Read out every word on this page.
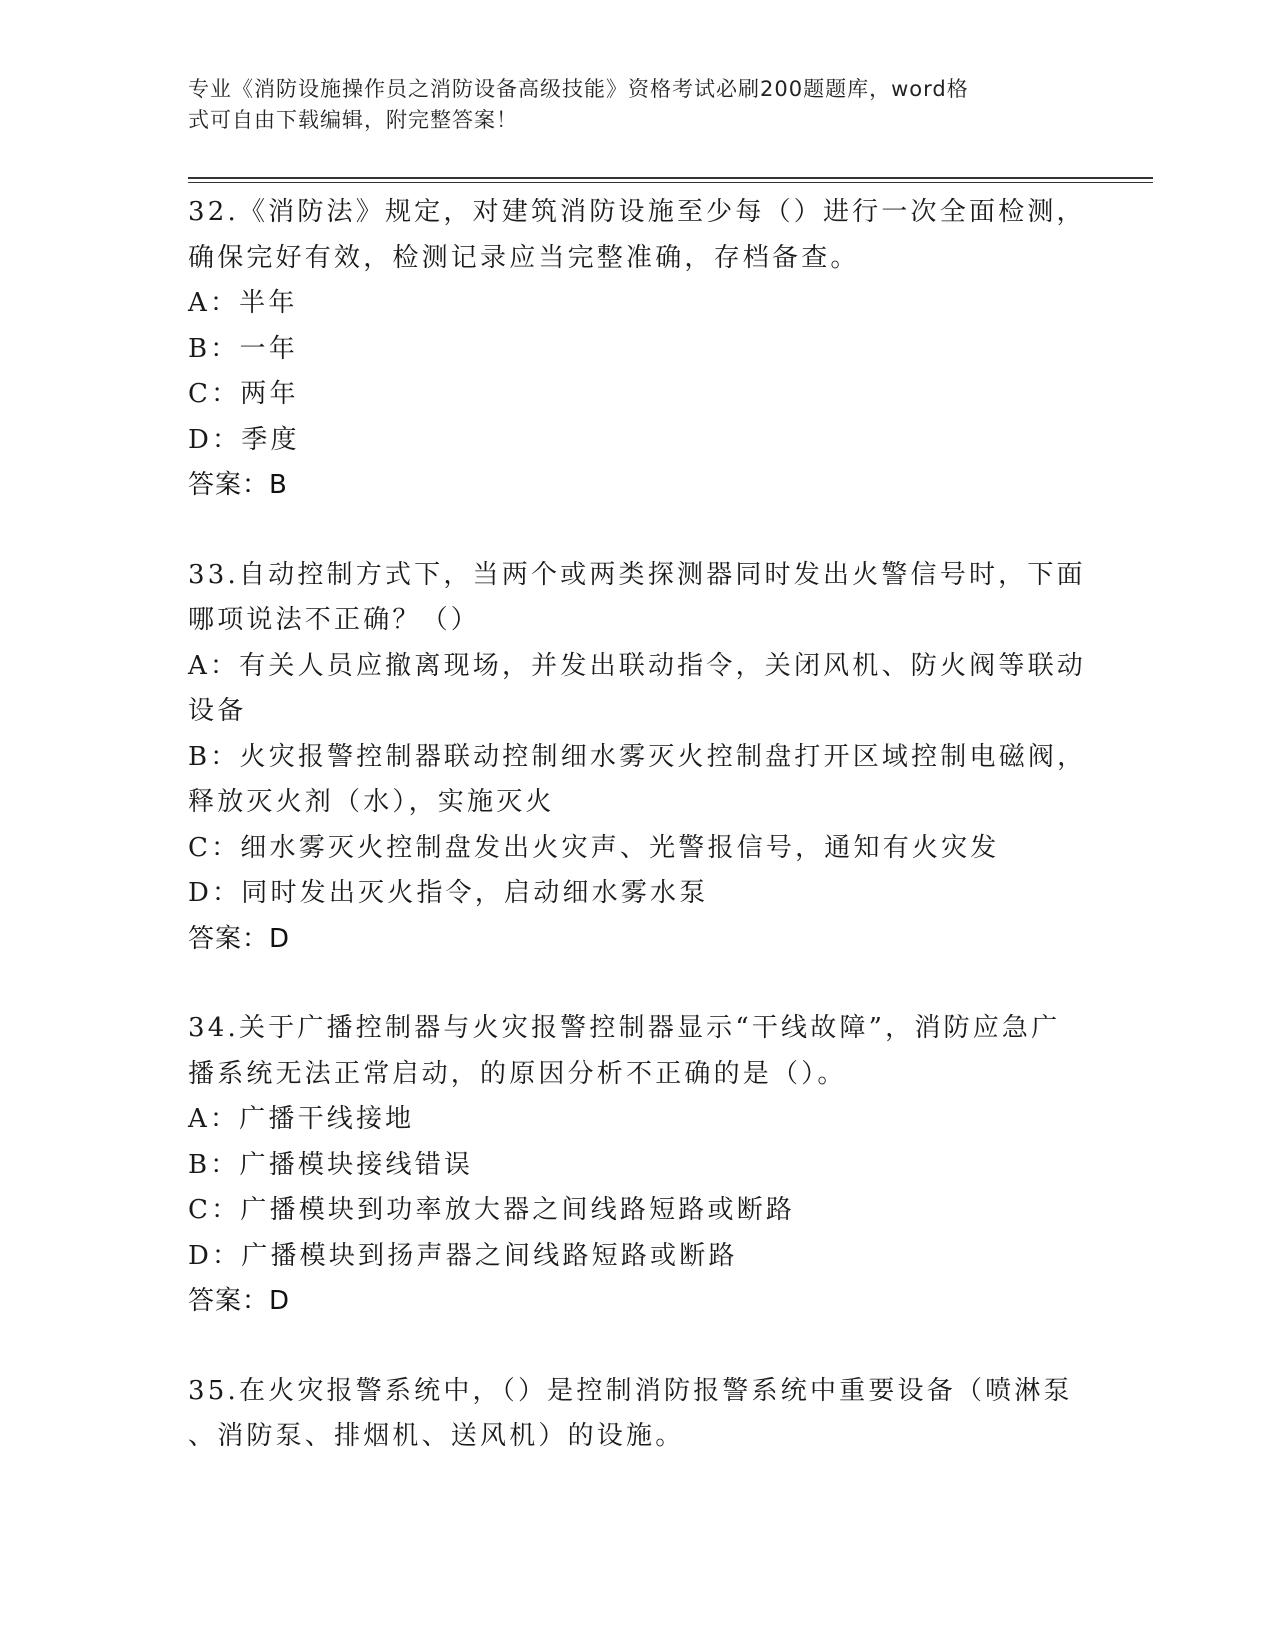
专业《消防设施操作员之消防设备高级技能》资格考试必刷200题题库，word格
式可自由下载编辑，附完整答案！
32.《消防法》规定，对建筑消防设施至少每（）进行一次全面检测，
确保完好有效，检测记录应当完整准确，存档备查。
A：半年
B：一年
C：两年
D：季度
答案：B
33.自动控制方式下，当两个或两类探测器同时发出火警信号时，下面
哪项说法不正确？（）
A：有关人员应撤离现场，并发出联动指令，关闭风机、防火阀等联动
设备
B：火灾报警控制器联动控制细水雾灭火控制盘打开区域控制电磁阀，
释放灭火剂（水），实施灭火
C：细水雾灭火控制盘发出火灾声、光警报信号，通知有火灾发
D：同时发出灭火指令，启动细水雾水泵
答案：D
34.关于广播控制器与火灾报警控制器显示“干线故障”，消防应急广
播系统无法正常启动，的原因分析不正确的是（）。
A：广播干线接地
B：广播模块接线错误
C：广播模块到功率放大器之间线路短路或断路
D：广播模块到扬声器之间线路短路或断路
答案：D
35.在火灾报警系统中，（）是控制消防报警系统中重要设备（喷淋泵
、消防泵、排烟机、送风机）的设施。
